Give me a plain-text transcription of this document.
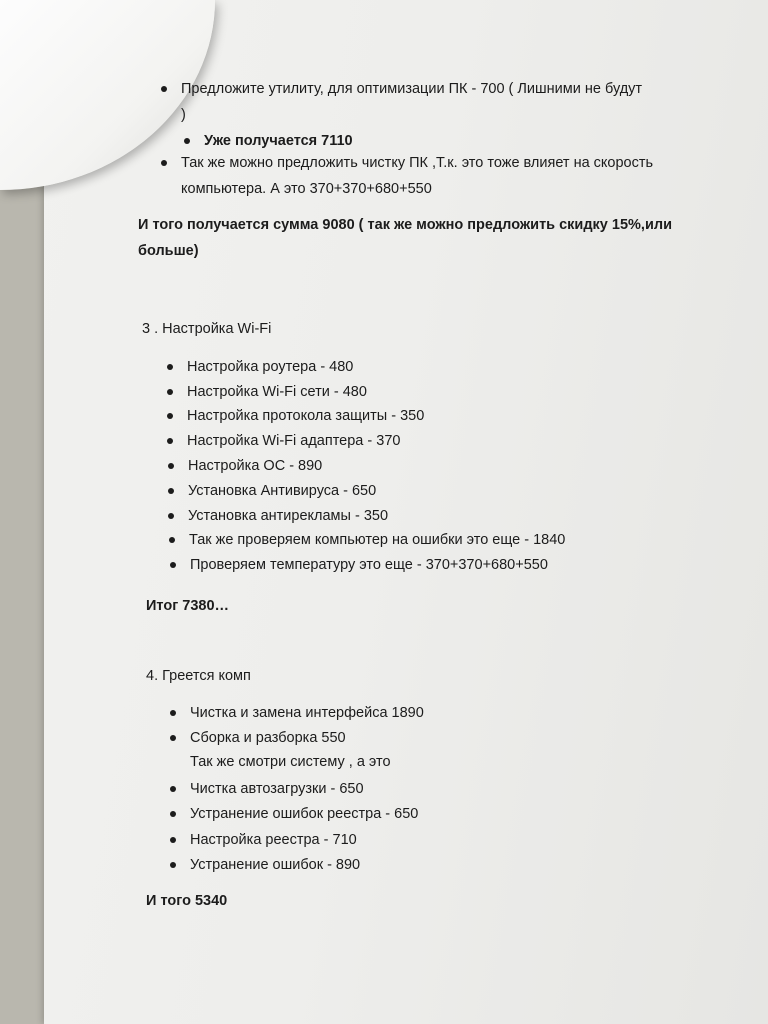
Предложите утилиту, для оптимизации ПК - 700 ( Лишними не будут
)
Уже получается 7110
Так же можно предложить чистку ПК ,Т.к. это тоже влияет на скорость
компьютера. А это 370+370+680+550
И того получается сумма 9080 ( так же можно предложить скидку 15%,или
больше)
3 . Настройка Wi-Fi
Настройка роутера - 480
Настройка Wi-Fi сети - 480
Настройка протокола защиты - 350
Настройка Wi-Fi адаптера - 370
Настройка ОС - 890
Установка Антивируса - 650
Установка антирекламы - 350
Так же проверяем компьютер на ошибки это еще - 1840
Проверяем температуру это еще - 370+370+680+550
Итог 7380…
4. Греется комп
Чистка и замена интерфейса 1890
Сборка и разборка 550
Так же смотри систему , а это
Чистка автозагрузки - 650
Устранение ошибок реестра - 650
Настройка реестра - 710
Устранение ошибок - 890
И того 5340
